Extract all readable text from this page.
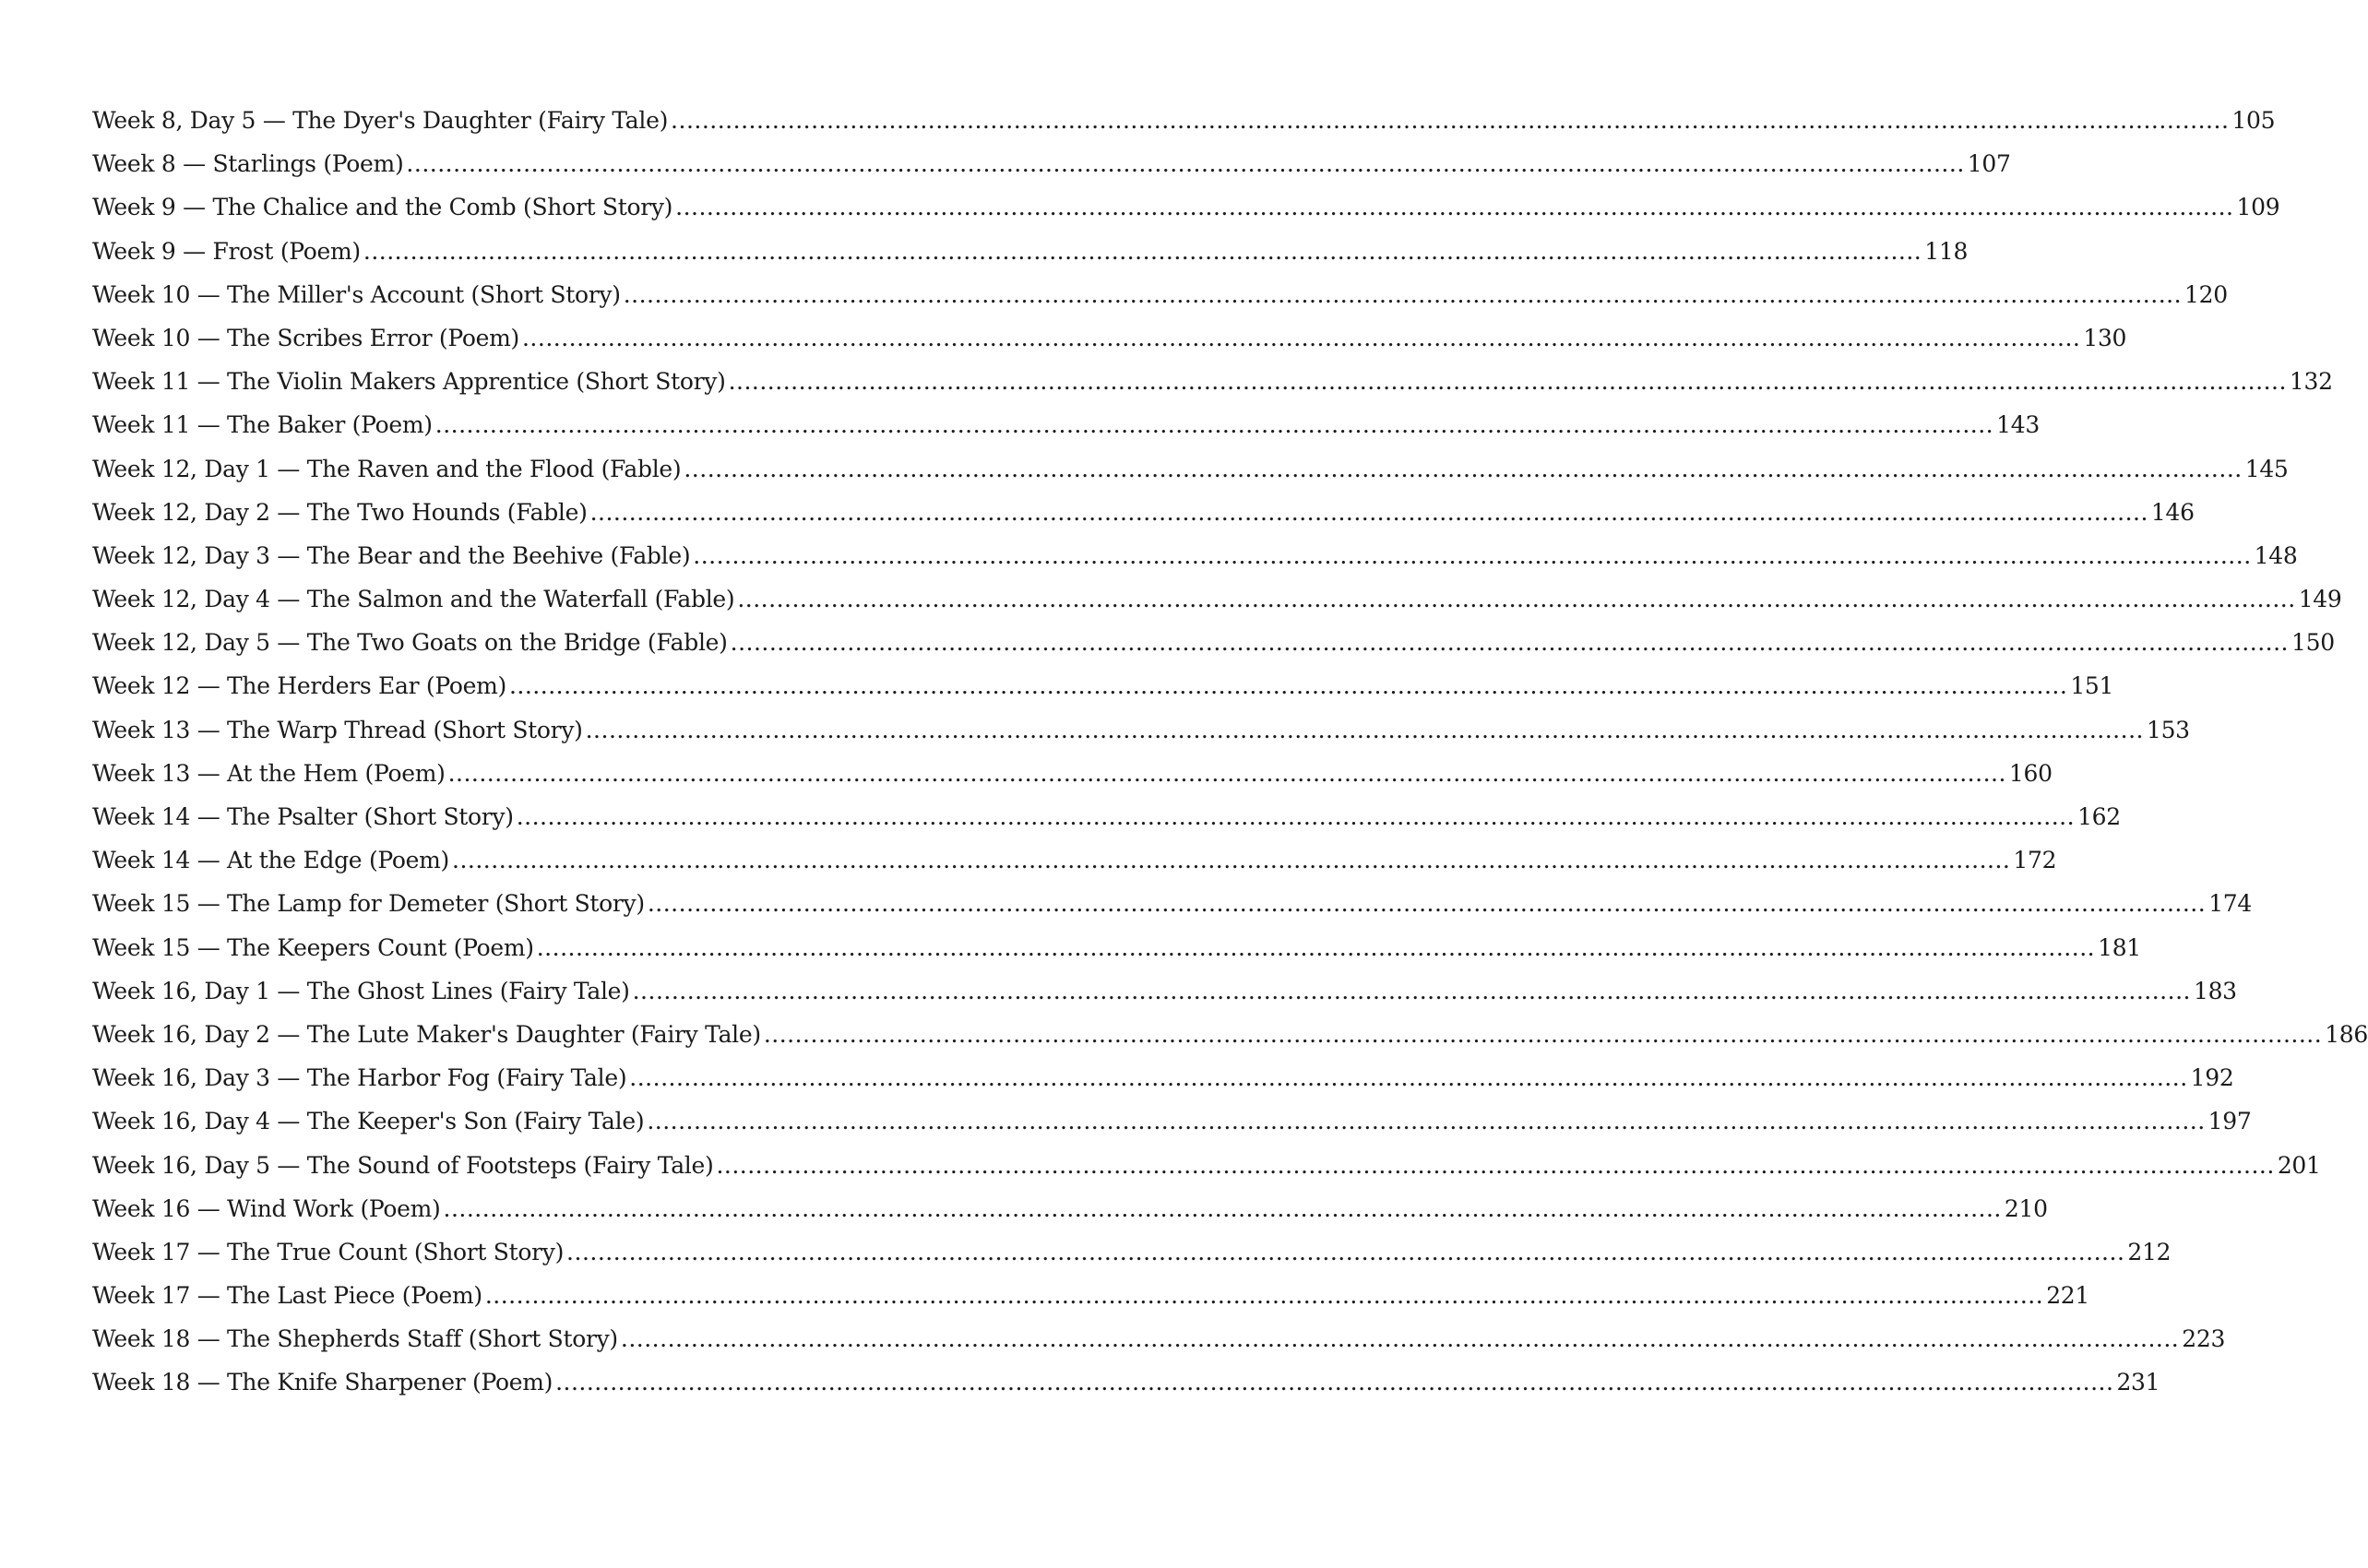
Week 8, Day 5 — The Dyer's Daughter (Fairy Tale) ........................................................................................................................................................................................................ 105
Week 8 — Starlings (Poem) ........................................................................................................................................................................................................ 107
Week 9 — The Chalice and the Comb (Short Story) ........................................................................................................................................................................................................ 109
Week 9 — Frost (Poem) ........................................................................................................................................................................................................ 118
Week 10 — The Miller's Account (Short Story) ........................................................................................................................................................................................................ 120
Week 10 — The Scribes Error (Poem) ........................................................................................................................................................................................................ 130
Week 11 — The Violin Makers Apprentice (Short Story) ........................................................................................................................................................................................................ 132
Week 11 — The Baker (Poem) ........................................................................................................................................................................................................ 143
Week 12, Day 1 — The Raven and the Flood (Fable) ........................................................................................................................................................................................................ 145
Week 12, Day 2 — The Two Hounds (Fable) ........................................................................................................................................................................................................ 146
Week 12, Day 3 — The Bear and the Beehive (Fable) ........................................................................................................................................................................................................ 148
Week 12, Day 4 — The Salmon and the Waterfall (Fable) ........................................................................................................................................................................................................ 149
Week 12, Day 5 — The Two Goats on the Bridge (Fable) ........................................................................................................................................................................................................ 150
Week 12 — The Herders Ear (Poem) ........................................................................................................................................................................................................ 151
Week 13 — The Warp Thread (Short Story) ........................................................................................................................................................................................................ 153
Week 13 — At the Hem (Poem) ........................................................................................................................................................................................................ 160
Week 14 — The Psalter (Short Story) ........................................................................................................................................................................................................ 162
Week 14 — At the Edge (Poem) ........................................................................................................................................................................................................ 172
Week 15 — The Lamp for Demeter (Short Story) ........................................................................................................................................................................................................ 174
Week 15 — The Keepers Count (Poem) ........................................................................................................................................................................................................ 181
Week 16, Day 1 — The Ghost Lines (Fairy Tale) ........................................................................................................................................................................................................ 183
Week 16, Day 2 — The Lute Maker's Daughter (Fairy Tale) ........................................................................................................................................................................................................ 186
Week 16, Day 3 — The Harbor Fog (Fairy Tale) ........................................................................................................................................................................................................ 192
Week 16, Day 4 — The Keeper's Son (Fairy Tale) ........................................................................................................................................................................................................ 197
Week 16, Day 5 — The Sound of Footsteps (Fairy Tale) ........................................................................................................................................................................................................ 201
Week 16 — Wind Work (Poem) ........................................................................................................................................................................................................ 210
Week 17 — The True Count (Short Story) ........................................................................................................................................................................................................ 212
Week 17 — The Last Piece (Poem) ........................................................................................................................................................................................................ 221
Week 18 — The Shepherds Staff (Short Story) ........................................................................................................................................................................................................ 223
Week 18 — The Knife Sharpener (Poem) ........................................................................................................................................................................................................ 231
